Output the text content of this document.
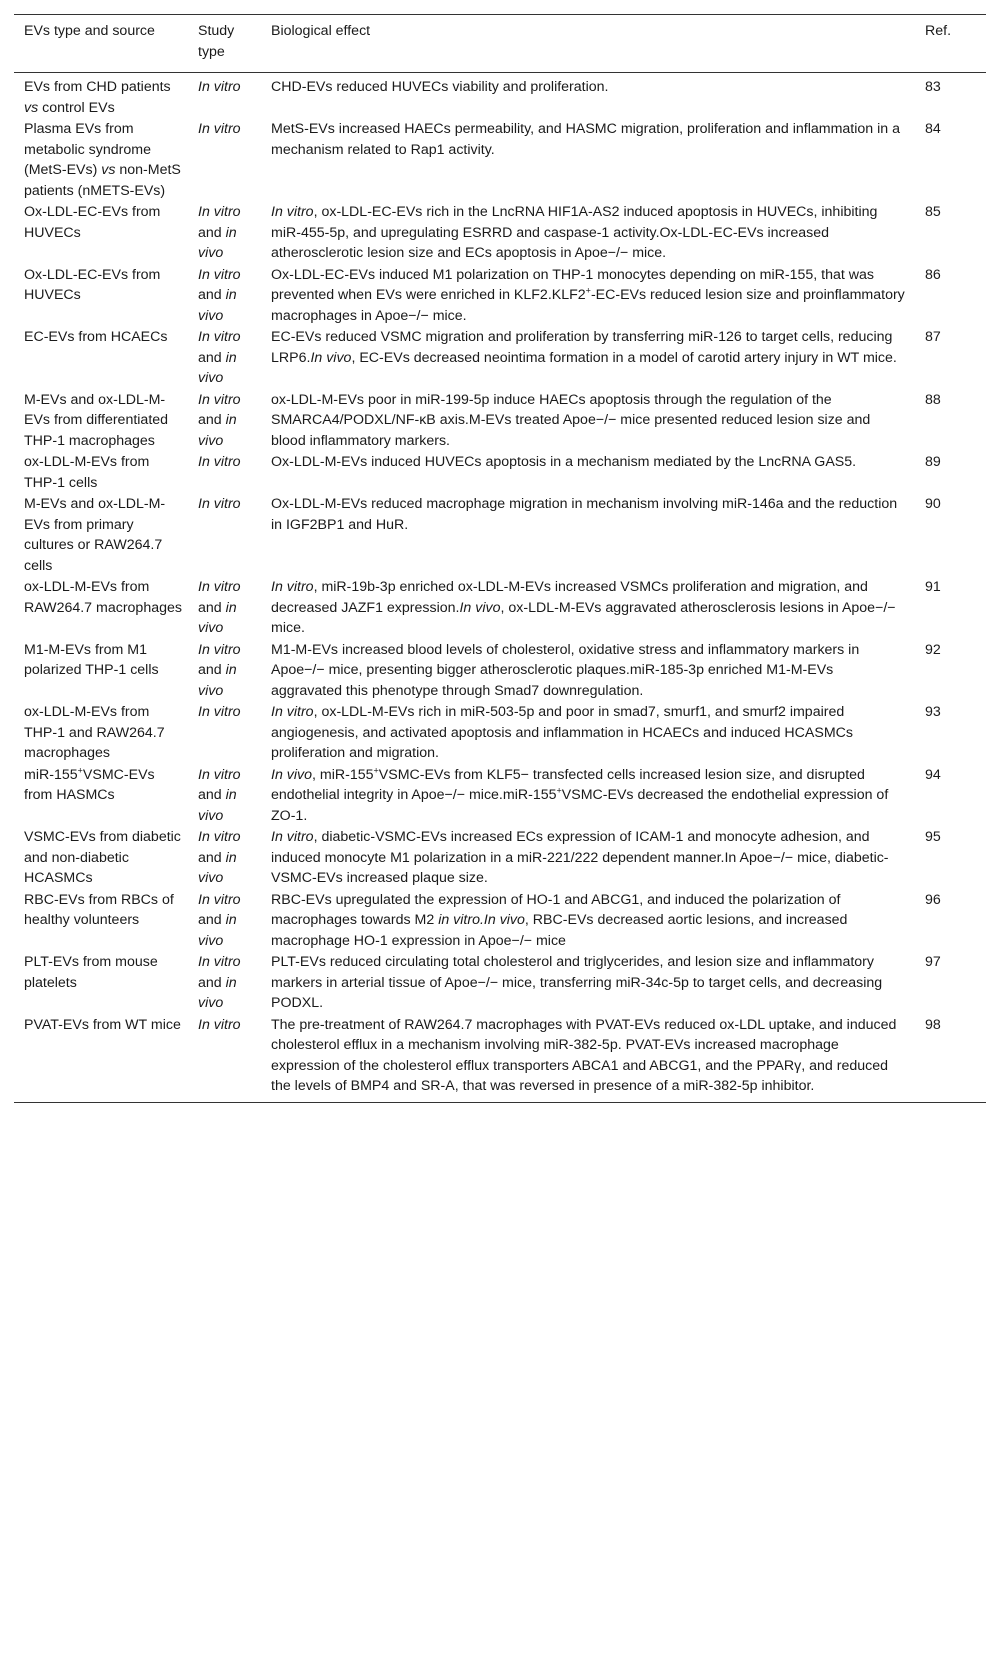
EVs type and source	Study type	Biological effect	Ref.
EVs from CHD patients vs control EVs	In vitro	CHD-EVs reduced HUVECs viability and proliferation.	83
Plasma EVs from metabolic syndrome (MetS-EVs) vs non-MetS patients (nMETS-EVs)	In vitro	MetS-EVs increased HAECs permeability, and HASMC migration, proliferation and inflammation in a mechanism related to Rap1 activity.	84
Ox-LDL-EC-EVs from HUVECs	In vitro and in vivo	In vitro, ox-LDL-EC-EVs rich in the LncRNA HIF1A-AS2 induced apoptosis in HUVECs, inhibiting miR-455-5p, and upregulating ESRRD and caspase-1 activity.Ox-LDL-EC-EVs increased atherosclerotic lesion size and ECs apoptosis in Apoe−/− mice.	85
Ox-LDL-EC-EVs from HUVECs	In vitro and in vivo	Ox-LDL-EC-EVs induced M1 polarization on THP-1 monocytes depending on miR-155, that was prevented when EVs were enriched in KLF2.KLF2+-EC-EVs reduced lesion size and proinflammatory macrophages in Apoe−/− mice.	86
EC-EVs from HCAECs	In vitro and in vivo	EC-EVs reduced VSMC migration and proliferation by transferring miR-126 to target cells, reducing LRP6.In vivo, EC-EVs decreased neointima formation in a model of carotid artery injury in WT mice.	87
M-EVs and ox-LDL-M-EVs from differentiated THP-1 macrophages	In vitro and in vivo	ox-LDL-M-EVs poor in miR-199-5p induce HAECs apoptosis through the regulation of the SMARCA4/PODXL/NF-κB axis.M-EVs treated Apoe−/− mice presented reduced lesion size and blood inflammatory markers.	88
ox-LDL-M-EVs from THP-1 cells	In vitro	Ox-LDL-M-EVs induced HUVECs apoptosis in a mechanism mediated by the LncRNA GAS5.	89
M-EVs and ox-LDL-M-EVs from primary cultures or RAW264.7 cells	In vitro	Ox-LDL-M-EVs reduced macrophage migration in mechanism involving miR-146a and the reduction in IGF2BP1 and HuR.	90
ox-LDL-M-EVs from RAW264.7 macrophages	In vitro and in vivo	In vitro, miR-19b-3p enriched ox-LDL-M-EVs increased VSMCs proliferation and migration, and decreased JAZF1 expression.In vivo, ox-LDL-M-EVs aggravated atherosclerosis lesions in Apoe−/− mice.	91
M1-M-EVs from M1 polarized THP-1 cells	In vitro and in vivo	M1-M-EVs increased blood levels of cholesterol, oxidative stress and inflammatory markers in Apoe−/− mice, presenting bigger atherosclerotic plaques.miR-185-3p enriched M1-M-EVs aggravated this phenotype through Smad7 downregulation.	92
ox-LDL-M-EVs from THP-1 and RAW264.7 macrophages	In vitro	In vitro, ox-LDL-M-EVs rich in miR-503-5p and poor in smad7, smurf1, and smurf2 impaired angiogenesis, and activated apoptosis and inflammation in HCAECs and induced HCASMCs proliferation and migration.	93
miR-155+VSMC-EVs from HASMCs	In vitro and in vivo	In vivo, miR-155+VSMC-EVs from KLF5− transfected cells increased lesion size, and disrupted endothelial integrity in Apoe−/− mice.miR-155+VSMC-EVs decreased the endothelial expression of ZO-1.	94
VSMC-EVs from diabetic and non-diabetic HCASMCs	In vitro and in vivo	In vitro, diabetic-VSMC-EVs increased ECs expression of ICAM-1 and monocyte adhesion, and induced monocyte M1 polarization in a miR-221/222 dependent manner.In Apoe−/− mice, diabetic-VSMC-EVs increased plaque size.	95
RBC-EVs from RBCs of healthy volunteers	In vitro and in vivo	RBC-EVs upregulated the expression of HO-1 and ABCG1, and induced the polarization of macrophages towards M2 in vitro.In vivo, RBC-EVs decreased aortic lesions, and increased macrophage HO-1 expression in Apoe−/− mice	96
PLT-EVs from mouse platelets	In vitro and in vivo	PLT-EVs reduced circulating total cholesterol and triglycerides, and lesion size and inflammatory markers in arterial tissue of Apoe−/− mice, transferring miR-34c-5p to target cells, and decreasing PODXL.	97
PVAT-EVs from WT mice	In vitro	The pre-treatment of RAW264.7 macrophages with PVAT-EVs reduced ox-LDL uptake, and induced cholesterol efflux in a mechanism involving miR-382-5p. PVAT-EVs increased macrophage expression of the cholesterol efflux transporters ABCA1 and ABCG1, and the PPARγ, and reduced the levels of BMP4 and SR-A, that was reversed in presence of a miR-382-5p inhibitor.	98
